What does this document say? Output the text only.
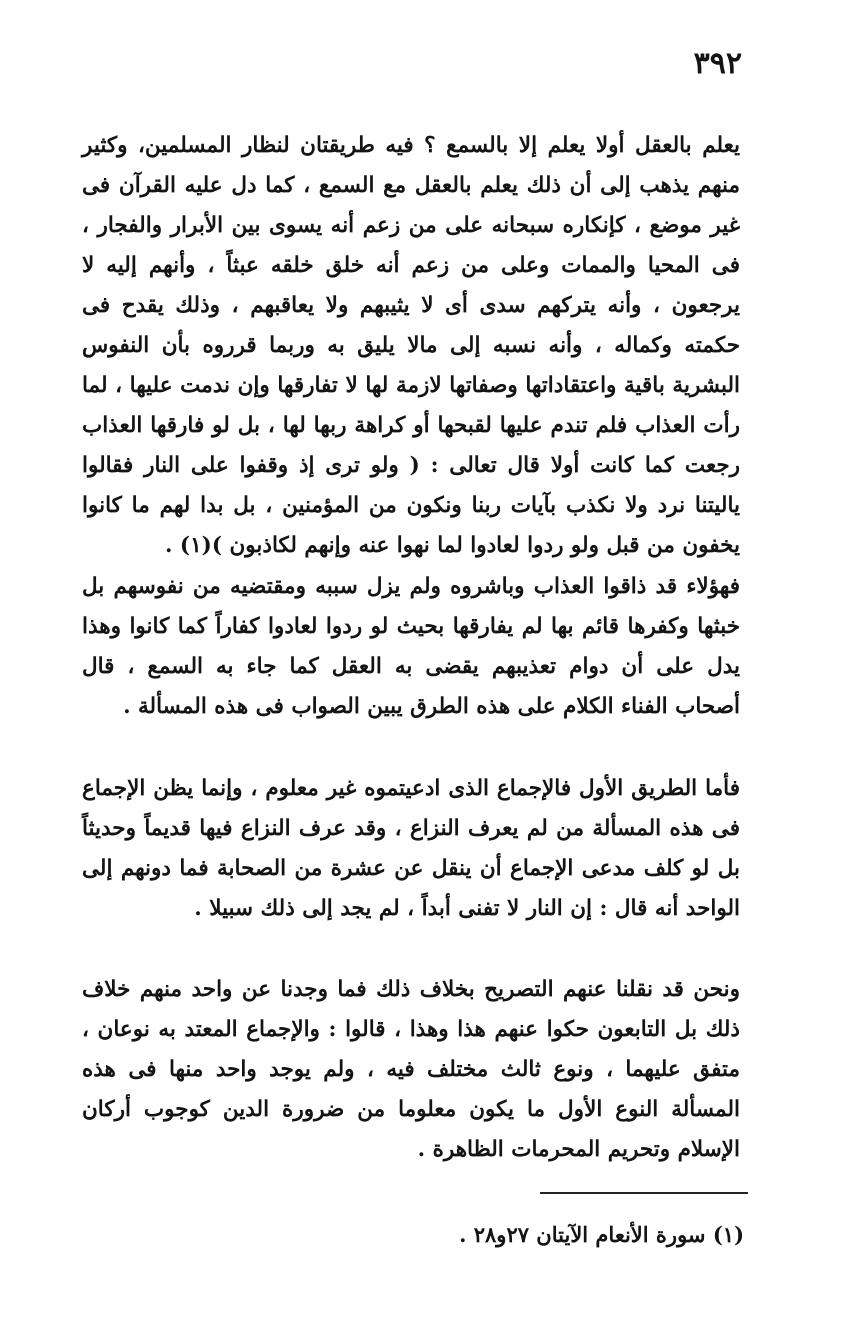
٣٩٢

يعلم بالعقل أولا يعلم إلا بالسمع ؟ فيه طريقتان لنظار المسلمين، وكثير منهم يذهب إلى أن ذلك يعلم بالعقل مع السمع ، كما دل عليه القرآن فى غير موضع ، كإنكاره سبحانه على من زعم أنه يسوى بين الأبرار والفجار ، فى المحيا والممات وعلى من زعم أنه خلق خلقه عبثاً ، وأنهم إليه لا يرجعون ، وأنه يتركهم سدى أى لا يثيبهم ولا يعاقبهم ، وذلك يقدح فى حكمته وكماله ، وأنه نسبه إلى مالا يليق به وربما قرروه بأن النفوس البشرية باقية واعتقاداتها وصفاتها لازمة لها لا تفارقها وإن ندمت عليها ، لما رأت العذاب فلم تندم عليها لقبحها أو كراهة ربها لها ، بل لو فارقها العذاب رجعت كما كانت أولا قال تعالى : ( ولو ترى إذ وقفوا على النار فقالوا ياليتنا نرد ولا نكذب بآيات ربنا ونكون من المؤمنين ، بل بدا لهم ما كانوا يخفون من قبل ولو ردوا لعادوا لما نهوا عنه وإنهم لكاذبون )(١) .

فهؤلاء قد ذاقوا العذاب وباشروه ولم يزل سببه ومقتضيه من نفوسهم بل خبثها وكفرها قائم بها لم يفارقها بحيث لو ردوا لعادوا كفاراً كما كانوا وهذا يدل على أن دوام تعذيبهم يقضى به العقل كما جاء به السمع ، قال أصحاب الفناء الكلام على هذه الطرق يبين الصواب فى هذه المسألة .

فأما الطريق الأول فالإجماع الذى ادعيتموه غير معلوم ، وإنما يظن الإجماع فى هذه المسألة من لم يعرف النزاع ، وقد عرف النزاع فيها قديماً وحديثاً بل لو كلف مدعى الإجماع أن ينقل عن عشرة من الصحابة فما دونهم إلى الواحد أنه قال : إن النار لا تفنى أبداً ، لم يجد إلى ذلك سبيلا .

ونحن قد نقلنا عنهم التصريح بخلاف ذلك فما وجدنا عن واحد منهم خلاف ذلك بل التابعون حكوا عنهم هذا وهذا ، قالوا : والإجماع المعتد به نوعان ، متفق عليهما ، ونوع ثالث مختلف فيه ، ولم يوجد واحد منها فى هذه المسألة النوع الأول ما يكون معلوما من ضرورة الدين كوجوب أركان الإسلام وتحريم المحرمات الظاهرة .

(١) سورة الأنعام الآيتان ٢٧و٢٨ .
